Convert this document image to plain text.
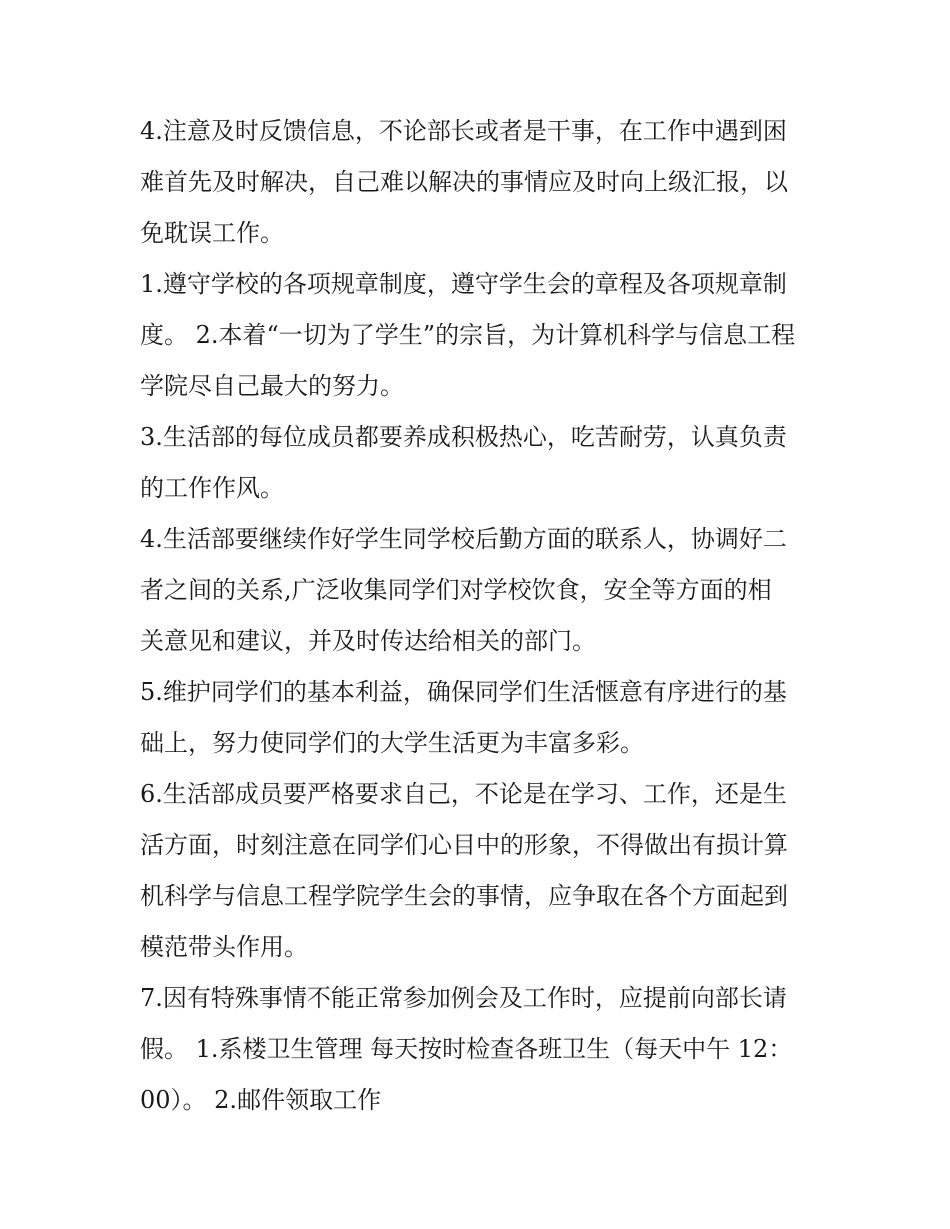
4.注意及时反馈信息，不论部长或者是干事，在工作中遇到困
难首先及时解决，自己难以解决的事情应及时向上级汇报，以
免耽误工作。
1.遵守学校的各项规章制度，遵守学生会的章程及各项规章制
度。 2.本着“一切为了学生”的宗旨，为计算机科学与信息工程
学院尽自己最大的努力。
3.生活部的每位成员都要养成积极热心，吃苦耐劳，认真负责
的工作作风。
4.生活部要继续作好学生同学校后勤方面的联系人，协调好二
者之间的关系,广泛收集同学们对学校饮食，安全等方面的相
关意见和建议，并及时传达给相关的部门。
5.维护同学们的基本利益，确保同学们生活惬意有序进行的基
础上，努力使同学们的大学生活更为丰富多彩。
6.生活部成员要严格要求自己，不论是在学习、工作，还是生
活方面，时刻注意在同学们心目中的形象，不得做出有损计算
机科学与信息工程学院学生会的事情，应争取在各个方面起到
模范带头作用。
7.因有特殊事情不能正常参加例会及工作时，应提前向部长请
假。 1.系楼卫生管理 每天按时检查各班卫生（每天中午 12：
00）。 2.邮件领取工作
